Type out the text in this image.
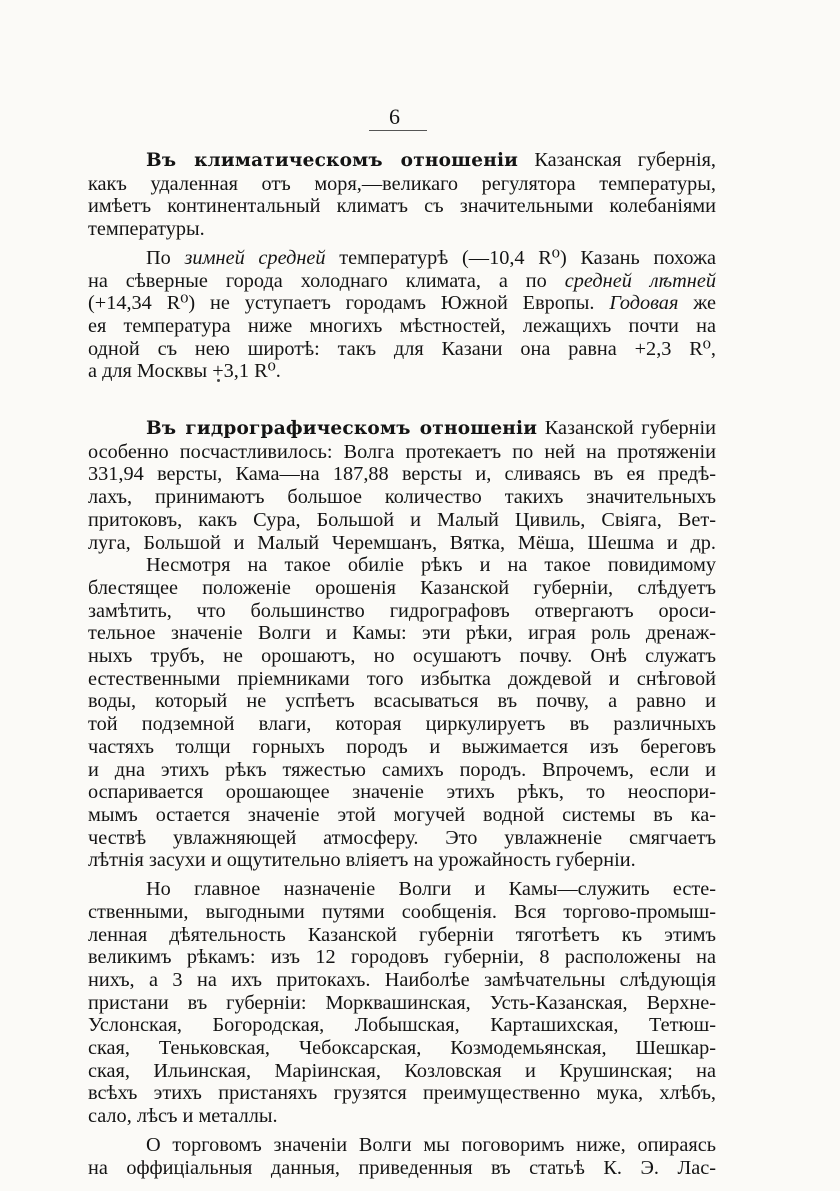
6
Въ климатическомъ отношенiи Казанская губернiя,
какъ удаленная отъ моря,—великаго регулятора температуры,
имѣетъ континентальный климатъ съ значительными колебанiями
температуры.
По зимней средней температурѣ (—10,4 R⁰) Казань похожа
на сѣверные города холоднаго климата, а по средней лѣтней
(+14,34 R⁰) не уступаетъ городамъ Южной Европы. Годовая же
ея температура ниже многихъ мѣстностей, лежащихъ почти на
одной съ нею широтѣ: такъ для Казани она равна +2,3 R⁰,
а для Москвы +3,1 R⁰.
Въ гидрографическомъ отношенiи Казанской губернiи
особенно посчастливилось: Волга протекаетъ по ней на протяженiи
331,94 версты, Кама—на 187,88 версты и, сливаясь въ ея предѣ-
лахъ, принимаютъ большое количество такихъ значительныхъ
притоковъ, какъ Сура, Большой и Малый Цивиль, Свiяга, Вет-
луга, Большой и Малый Черемшанъ, Вятка, Мёша, Шешма и др.
Несмотря на такое обилiе рѣкъ и на такое повидимому
блестящее положенiе орошенiя Казанской губернiи, слѣдуетъ
замѣтить, что большинство гидрографовъ отвергаютъ ороси-
тельное значенiе Волги и Камы: эти рѣки, играя роль дренаж-
ныхъ трубъ, не орошаютъ, но осушаютъ почву. Онѣ служатъ
естественными прiемниками того избытка дождевой и снѣговой
воды, который не успѣетъ всасываться въ почву, а равно и
той подземной влаги, которая циркулируетъ въ различныхъ
частяхъ толщи горныхъ породъ и выжимается изъ береговъ
и дна этихъ рѣкъ тяжестью самихъ породъ. Впрочемъ, если и
оспаривается орошающее значенiе этихъ рѣкъ, то неоспори-
мымъ остается значенiе этой могучей водной системы въ ка-
чествѣ увлажняющей атмосферу. Это увлажненiе смягчаетъ
лѣтнiя засухи и ощутительно влiяетъ на урожайность губернiи.
Но главное назначенiе Волги и Камы—служить есте-
ственными, выгодными путями сообщенiя. Вся торгово-промыш-
ленная дѣятельность Казанской губернiи тяготѣетъ къ этимъ
великимъ рѣкамъ: изъ 12 городовъ губернiи, 8 расположены на
нихъ, а 3 на ихъ притокахъ. Наиболѣе замѣчательны слѣдующiя
пристани въ губернiи: Морквашинская, Усть-Казанская, Верхне-
Услонская, Богородская, Лобышская, Карташихская, Тетюш-
ская, Теньковская, Чебоксарская, Козмодемьянская, Шешкар-
ская, Ильинская, Марiинская, Козловская и Крушинская; на
всѣхъ этихъ пристаняхъ грузятся преимущественно мука, хлѣбъ,
сало, лѣсъ и металлы.
О торговомъ значенiи Волги мы поговоримъ ниже, опираясь
на оффицiальныя данныя, приведенныя въ статьѣ К. Э. Лас-
